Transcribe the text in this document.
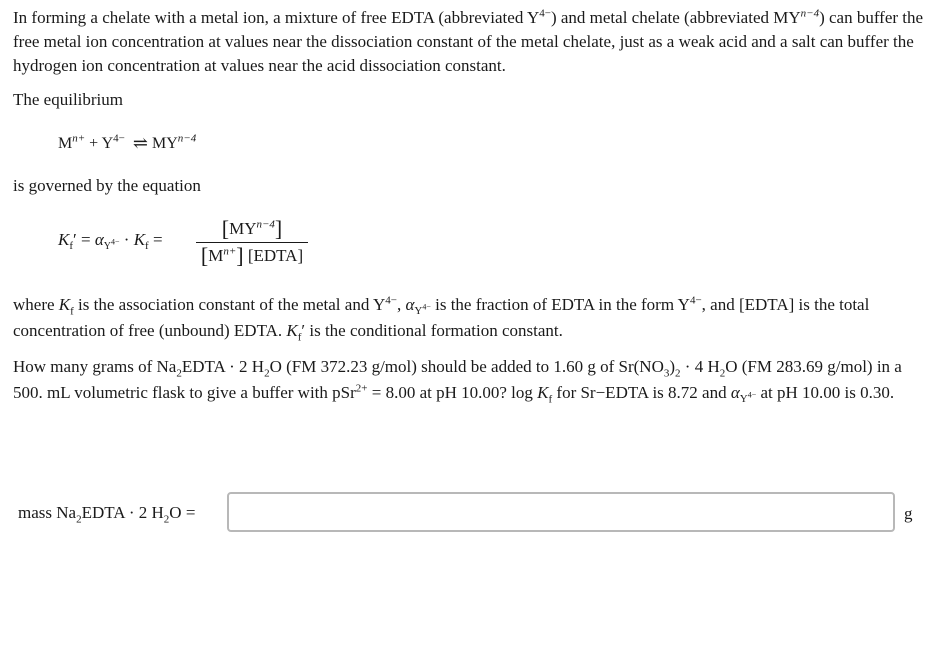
In forming a chelate with a metal ion, a mixture of free EDTA (abbreviated $Y^{4-}$) and metal chelate (abbreviated $MY^{n-4}$) can buffer the free metal ion concentration at values near the dissociation constant of the metal chelate, just as a weak acid and a salt can buffer the hydrogen ion concentration at values near the acid dissociation constant.
The equilibrium
$M^{n+} + Y^{4-}$ ⇌ $MY^{n-4}$
is governed by the equation
$K_f' = \alpha_{Y^{4-}} \cdot K_f$ =	$[MY^{n-4}]$
$[M^{n+}]$ [EDTA]
where $K_f$ is the association constant of the metal and $Y^{4-}$, $\alpha_{Y^{4-}}$ is the fraction of EDTA in the form $Y^{4-}$, and [EDTA] is the total concentration of free (unbound) EDTA. $K_f'$ is the conditional formation constant.
How many grams of $Na_2EDTA \cdot 2$ $H_2O$ (FM 372.23 g/mol) should be added to 1.60 g of $Sr(NO_3)_2 \cdot 4$ $H_2O$ (FM 283.69 g/mol) in a 500. mL volumetric flask to give a buffer with pSr$^{2+}$ = 8.00 at pH 10.00? $\log K_f$ for Sr−EDTA is 8.72 and $\alpha_{Y^{4-}}$ at pH 10.00 is 0.30.
mass $Na_2EDTA \cdot 2$ $H_2O$ =	g
